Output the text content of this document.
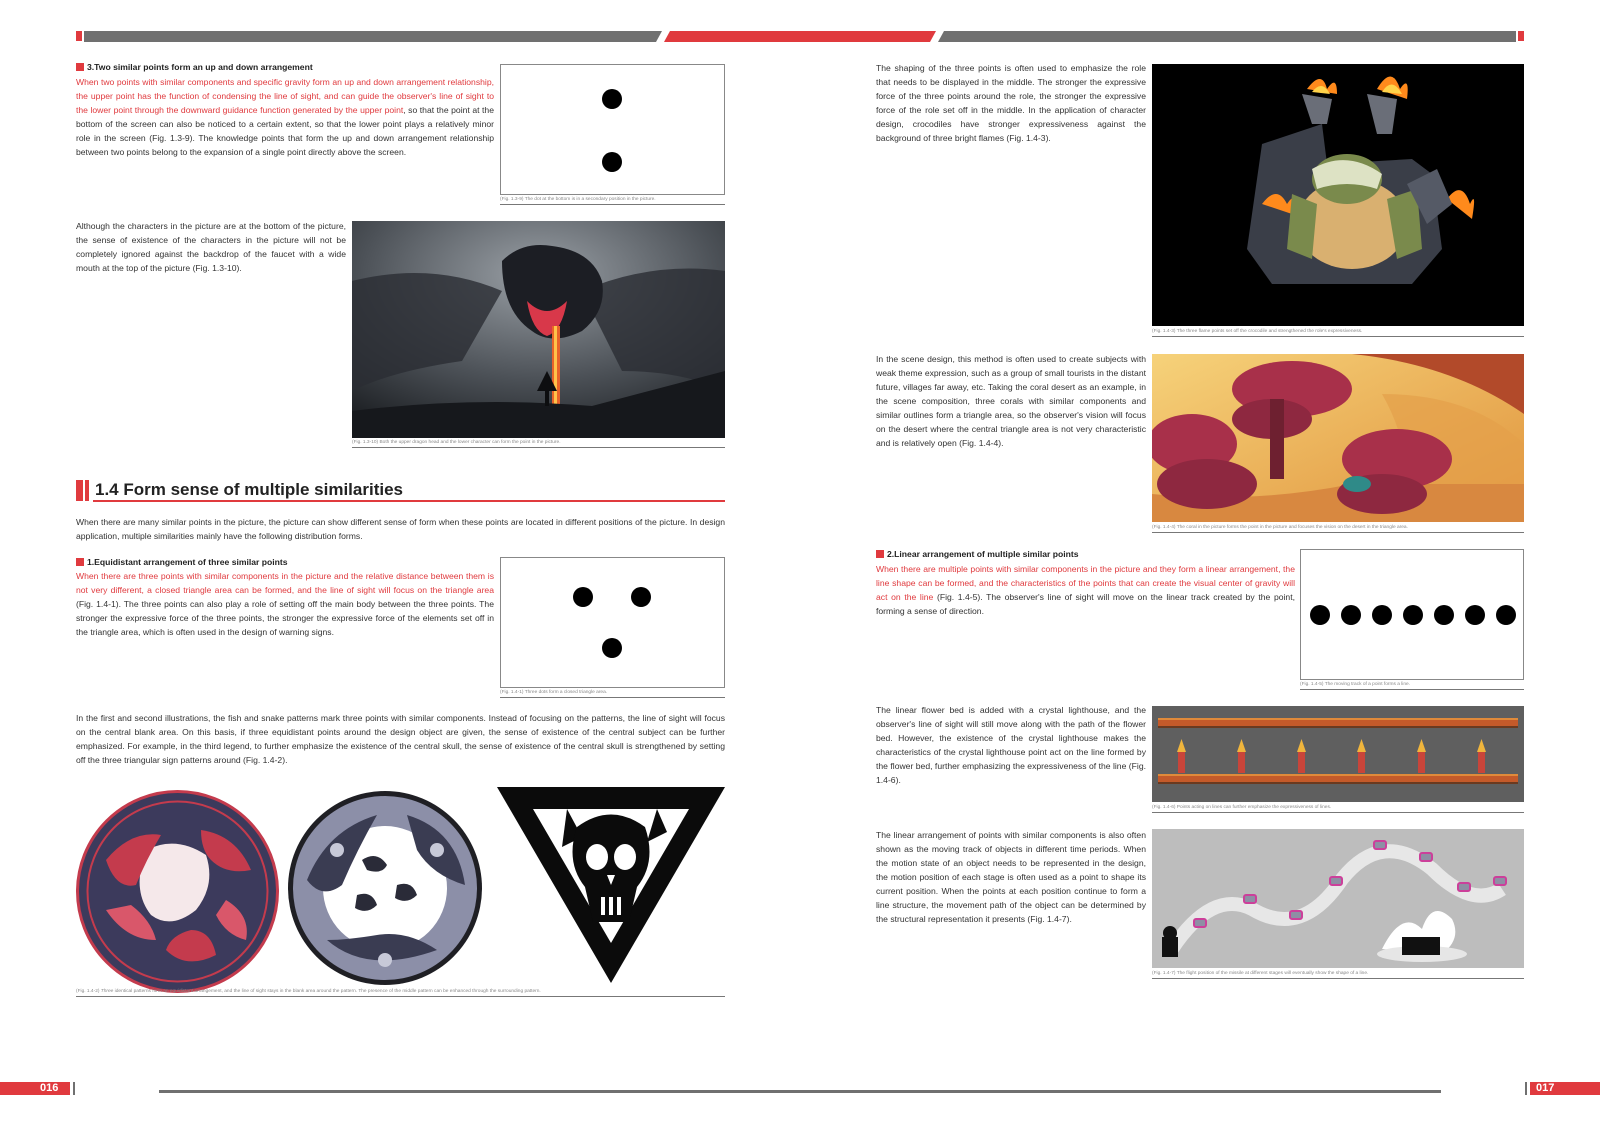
3.Two similar points form an up and down arrangement
When two points with similar components and specific gravity form an up and down arrangement relationship, the upper point has the function of condensing the line of sight, and can guide the observer's line of sight to the lower point through the downward guidance function generated by the upper point, so that the point at the bottom of the screen can also be noticed to a certain extent, so that the lower point plays a relatively minor role in the screen (Fig. 1.3-9). The knowledge points that form the up and down arrangement relationship between two points belong to the expansion of a single point directly above the screen.
(Fig. 1.3-9) The dot at the bottom is in a secondary position in the picture.
Although the characters in the picture are at the bottom of the picture, the sense of existence of the characters in the picture will not be completely ignored against the backdrop of the faucet with a wide mouth at the top of the picture (Fig. 1.3-10).
(Fig. 1.3-10) Both the upper dragon head and the lower character can form the point in the picture.
1.4 Form sense of multiple similarities
When there are many similar points in the picture, the picture can show different sense of form when these points are located in different positions of the picture. In design application, multiple similarities mainly have the following distribution forms.
1.Equidistant arrangement of three similar points
When there are three points with similar components in the picture and the relative distance between them is not very different, a closed triangle area can be formed, and the line of sight will focus on the triangle area (Fig. 1.4-1). The three points can also play a role of setting off the main body between the three points. The stronger the expressive force of the three points, the stronger the expressive force of the elements set off in the triangle area, which is often used in the design of warning signs.
(Fig. 1.4-1) Three dots form a closed triangle area.
In the first and second illustrations, the fish and snake patterns mark three points with similar components. Instead of focusing on the patterns, the line of sight will focus on the central blank area. On this basis, if three equidistant points around the design object are given, the sense of existence of the central subject can be further emphasized. For example, in the third legend, to further emphasize the existence of the central skull, the sense of existence of the central skull is strengthened by setting off the three triangular sign patterns around (Fig. 1.4-2).
(Fig. 1.4-2) Three identical patterns form an equidistant arrangement, and the line of sight stays in the blank area around the pattern. The presence of the middle pattern can be enhanced through the surrounding pattern.
The shaping of the three points is often used to emphasize the role that needs to be displayed in the middle. The stronger the expressive force of the three points around the role, the stronger the expressive force of the role set off in the middle. In the application of character design, crocodiles have stronger expressiveness against the background of three bright flames (Fig. 1.4-3).
(Fig. 1.4-3) The three flame points set off the crocodile and strengthened the role's expressiveness.
In the scene design, this method is often used to create subjects with weak theme expression, such as a group of small tourists in the distant future, villages far away, etc. Taking the coral desert as an example, in the scene composition, three corals with similar components and similar outlines form a triangle area, so the observer's vision will focus on the desert where the central triangle area is not very characteristic and is relatively open (Fig. 1.4-4).
(Fig. 1.4-4) The coral in the picture forms the point in the picture and focuses the vision on the desert in the triangle area.
2.Linear arrangement of multiple similar points
When there are multiple points with similar components in the picture and they form a linear arrangement, the line shape can be formed, and the characteristics of the points that can create the visual center of gravity will act on the line (Fig. 1.4-5). The observer's line of sight will move on the linear track created by the point, forming a sense of direction.
(Fig. 1.4-5) The moving track of a point forms a line.
The linear flower bed is added with a crystal lighthouse, and the observer's line of sight will still move along with the path of the flower bed. However, the existence of the crystal lighthouse makes the characteristics of the crystal lighthouse point act on the line formed by the flower bed, further emphasizing the expressiveness of the line (Fig. 1.4-6).
(Fig. 1.4-6) Points acting on lines can further emphasize the expressiveness of lines.
The linear arrangement of points with similar components is also often shown as the moving track of objects in different time periods. When the motion state of an object needs to be represented in the design, the motion position of each stage is often used as a point to shape its current position. When the points at each position continue to form a line structure, the movement path of the object can be determined by the structural representation it presents (Fig. 1.4-7).
(Fig. 1.4-7) The flight position of the missile at different stages will eventually show the shape of a line.
016	017
